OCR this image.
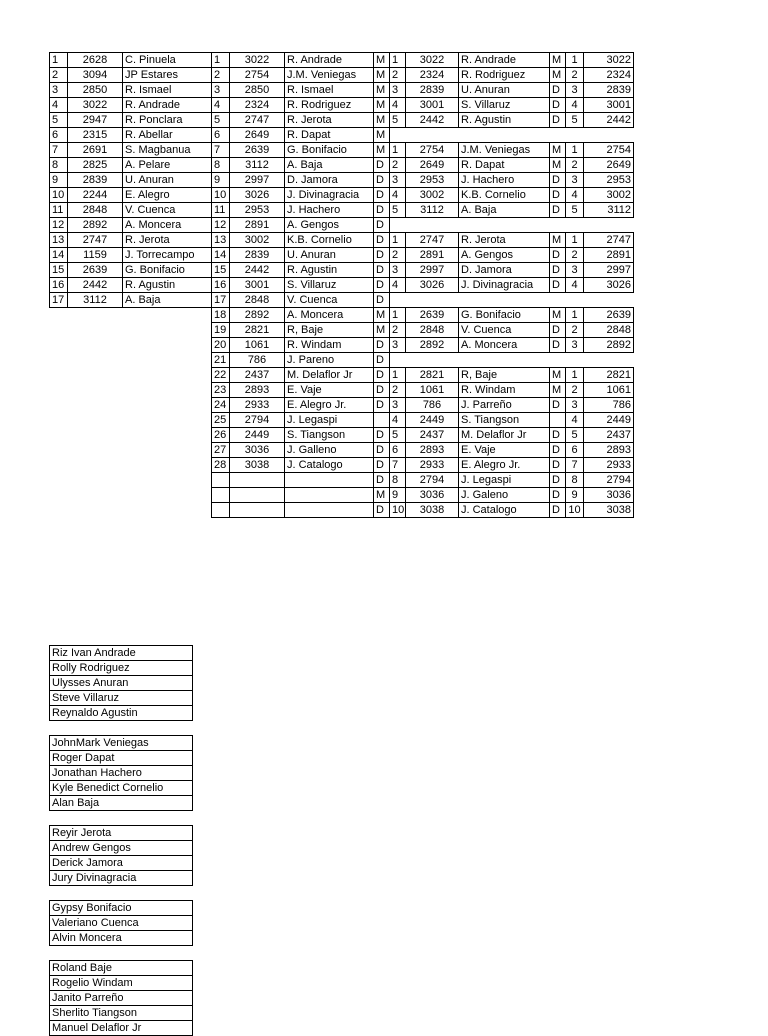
1	2628	C. Pinuela
2	3094	JP Estares
3	2850	R. Ismael
4	3022	R. Andrade
5	2947	R. Ponclara
6	2315	R. Abellar
7	2691	S. Magbanua
8	2825	A. Pelare
9	2839	U. Anuran
10	2244	E. Alegro
11	2848	V. Cuenca
12	2892	A. Moncera
13	2747	R. Jerota
14	1159	J. Torrecampo
15	2639	G. Bonifacio
16	2442	R. Agustin
17	3112	A. Baja
1	3022	R. Andrade	M
2	2754	J.M. Veniegas	M
3	2850	R. Ismael	M
4	2324	R. Rodriguez	M
5	2747	R. Jerota	M
6	2649	R. Dapat	M
7	2639	G. Bonifacio	M
8	3112	A. Baja	D
9	2997	D. Jamora	D
10	3026	J. Divinagracia	D
11	2953	J. Hachero	D
12	2891	A. Gengos	D
13	3002	K.B. Cornelio	D
14	2839	U. Anuran	D
15	2442	R. Agustin	D
16	3001	S. Villaruz	D
17	2848	V. Cuenca	D
18	2892	A. Moncera	M
19	2821	R, Baje	M
20	1061	R. Windam	D
21	786	J. Pareno	D
22	2437	M. Delaflor Jr	D
23	2893	E. Vaje	D
24	2933	E. Alegro Jr.	D
25	2794	J. Legaspi	
26	2449	S. Tiangson	D
27	3036	J. Galleno	D
28	3038	J. Catalogo	D
			D
			M
			D
1	3022	R. Andrade	M	1	3022
2	2324	R. Rodriguez	M	2	2324
3	2839	U. Anuran	D	3	2839
4	3001	S. Villaruz	D	4	3001
5	2442	R. Agustin	D	5	2442
1	2754	J.M. Veniegas	M	1	2754
2	2649	R. Dapat	M	2	2649
3	2953	J. Hachero	D	3	2953
4	3002	K.B. Cornelio	D	4	3002
5	3112	A. Baja	D	5	3112
1	2747	R. Jerota	M	1	2747
2	2891	A. Gengos	D	2	2891
3	2997	D. Jamora	D	3	2997
4	3026	J. Divinagracia	D	4	3026
1	2639	G. Bonifacio	M	1	2639
2	2848	V. Cuenca	D	2	2848
3	2892	A. Moncera	D	3	2892
1	2821	R, Baje	M	1	2821
2	1061	R. Windam	M	2	1061
3	786	J. Parreño	D	3	786
4	2449	S. Tiangson		4	2449
5	2437	M. Delaflor Jr	D	5	2437
6	2893	E. Vaje	D	6	2893
7	2933	E. Alegro Jr.	D	7	2933
8	2794	J. Legaspi	D	8	2794
9	3036	J. Galeno	D	9	3036
10	3038	J. Catalogo	D	10	3038
Riz Ivan Andrade
Rolly Rodriguez
Ulysses Anuran
Steve Villaruz
Reynaldo Agustin
JohnMark Veniegas
Roger Dapat
Jonathan Hachero
Kyle Benedict Cornelio
Alan Baja
Reyir Jerota
Andrew Gengos
Derick Jamora
Jury Divinagracia
Gypsy Bonifacio
Valeriano Cuenca
Alvin Moncera
Roland Baje
Rogelio Windam
Janito Parreño
Sherlito Tiangson
Manuel Delaflor Jr
